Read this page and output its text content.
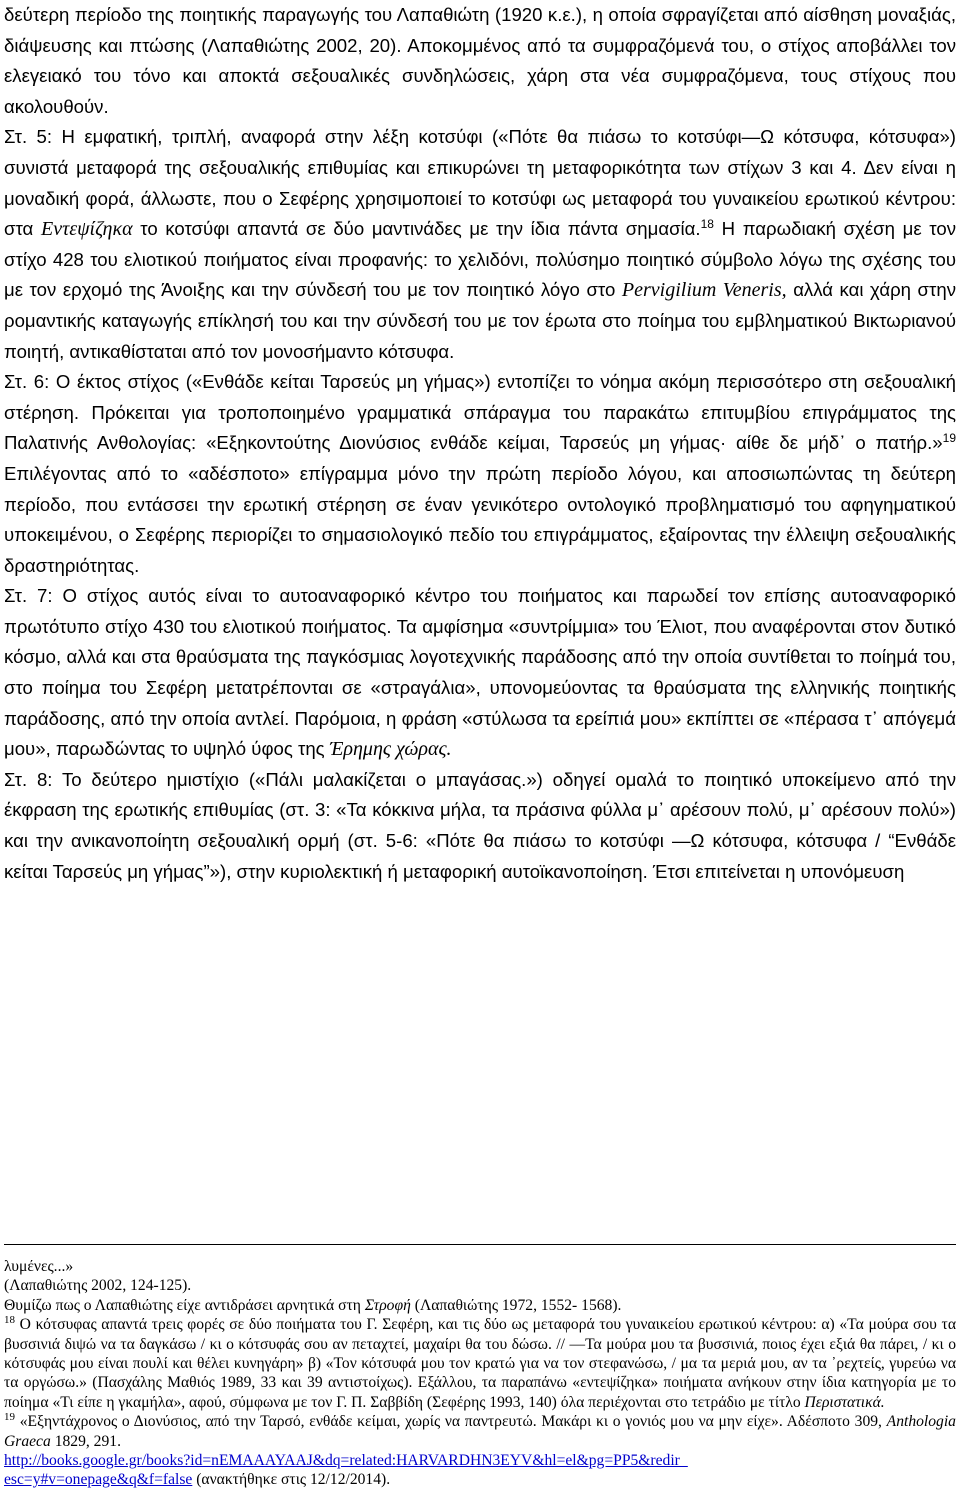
δεύτερη περίοδο της ποιητικής παραγωγής του Λαπαθιώτη (1920 κ.ε.), η οποία σφραγίζεται από αίσθηση μοναξιάς, διάψευσης και πτώσης (Λαπαθιώτης 2002, 20). Αποκομμένος από τα συμφραζόμενά του, ο στίχος αποβάλλει τον ελεγειακό του τόνο και αποκτά σεξουαλικές συνδηλώσεις, χάρη στα νέα συμφραζόμενα, τους στίχους που ακολουθούν.

Στ. 5: Η εμφατική, τριπλή, αναφορά στην λέξη κοτσύφι («Πότε θα πιάσω το κοτσύφι—Ω κότσυφα, κότσυφα») συνιστά μεταφορά της σεξουαλικής επιθυμίας και επικυρώνει τη μεταφορικότητα των στίχων 3 και 4. Δεν είναι η μοναδική φορά, άλλωστε, που ο Σεφέρης χρησιμοποιεί το κοτσύφι ως μεταφορά του γυναικείου ερωτικού κέντρου: στα Εντεψίζηκα το κοτσύφι απαντά σε δύο μαντινάδες με την ίδια πάντα σημασία.$^{18}$ Η παρωδιακή σχέση με τον στίχο 428 του ελιοτικού ποιήματος είναι προφανής: το χελιδόνι, πολύσημο ποιητικό σύμβολο λόγω της σχέσης του με τον ερχομό της Άνοιξης και την σύνδεσή του με τον ποιητικό λόγο στο Pervigilium Veneris, αλλά και χάρη στην ρομαντικής καταγωγής επίκλησή του και την σύνδεσή του με τον έρωτα στο ποίημα του εμβληματικού Βικτωριανού ποιητή, αντικαθίσταται από τον μονοσήμαντο κότσυφα.

Στ. 6: Ο έκτος στίχος («Ενθάδε κείται Ταρσεύς μη γήμας») εντοπίζει το νόημα ακόμη περισσότερο στη σεξουαλική στέρηση. Πρόκειται για τροποποιημένο γραμματικά σπάραγμα του παρακάτω επιτυμβίου επιγράμματος της Παλατινής Ανθολογίας: «Εξηκοντούτης Διονύσιος ενθάδε κείμαι, Ταρσεύς μη γήμας· αίθε δε μήδ᾽ ο πατήρ.»$^{19}$ Επιλέγοντας από το «αδέσποτο» επίγραμμα μόνο την πρώτη περίοδο λόγου, και αποσιωπώντας τη δεύτερη περίοδο, που εντάσσει την ερωτική στέρηση σε έναν γενικότερο οντολογικό προβληματισμό του αφηγηματικού υποκειμένου, ο Σεφέρης περιορίζει το σημασιολογικό πεδίο του επιγράμματος, εξαίροντας την έλλειψη σεξουαλικής δραστηριότητας.

Στ. 7: Ο στίχος αυτός είναι το αυτοαναφορικό κέντρο του ποιήματος και παρωδεί τον επίσης αυτοαναφορικό πρωτότυπο στίχο 430 του ελιοτικού ποιήματος. Τα αμφίσημα «συντρίμμια» του Έλιοτ, που αναφέρονται στον δυτικό κόσμο, αλλά και στα θραύσματα της παγκόσμιας λογοτεχνικής παράδοσης από την οποία συντίθεται το ποίημά του, στο ποίημα του Σεφέρη μετατρέπονται σε «στραγάλια», υπονομεύοντας τα θραύσματα της ελληνικής ποιητικής παράδοσης, από την οποία αντλεί. Παρόμοια, η φράση «στύλωσα τα ερείπιά μου» εκπίπτει σε «πέρασα τ᾽ απόγεμά μου», παρωδώντας το υψηλό ύφος της Έρημης χώρας.

Στ. 8: Το δεύτερο ημιστίχιο («Πάλι μαλακίζεται ο μπαγάσας.») οδηγεί ομαλά το ποιητικό υποκείμενο από την έκφραση της ερωτικής επιθυμίας (στ. 3: «Τα κόκκινα μήλα, τα πράσινα φύλλα μ᾽ αρέσουν πολύ, μ᾽ αρέσουν πολύ») και την ανικανοποίητη σεξουαλική ορμή (στ. 5-6: «Πότε θα πιάσω το κοτσύφι —Ω κότσυφα, κότσυφα / “Ενθάδε κείται Ταρσεύς μη γήμας”»), στην κυριολεκτική ή μεταφορική αυτοϊκανοποίηση. Έτσι επιτείνεται η υπονόμευση

λυμένες...»

(Λαπαθιώτης 2002, 124-125).

Θυμίζω πως ο Λαπαθιώτης είχε αντιδράσει αρνητικά στη Στροφή (Λαπαθιώτης 1972, 1552- 1568).

$^{18}$ Ο κότσυφας απαντά τρεις φορές σε δύο ποιήματα του Γ. Σεφέρη, και τις δύο ως μεταφορά του γυναικείου ερωτικού κέντρου: α) «Τα μούρα σου τα βυσσινιά διψώ να τα δαγκάσω / κι ο κότσυφάς σου αν πεταχτεί, μαχαίρι θα του δώσω. // —Τα μούρα μου τα βυσσινιά, ποιος έχει εξιά θα πάρει, / κι ο κότσυφάς μου είναι πουλί και θέλει κυνηγάρη» β) «Τον κότσυφά μου τον κρατώ για να τον στεφανώσω, / μα τα μεριά μου, αν τα ᾽ρεχτείς, γυρεύω να τα οργώσω.» (Πασχάλης Μαθιός 1989, 33 και 39 αντιστοίχως). Εξάλλου, τα παραπάνω «εντεψίζηκα» ποιήματα ανήκουν στην ίδια κατηγορία με το ποίημα «Τι είπε η γκαμήλα», αφού, σύμφωνα με τον Γ. Π. Σαββίδη (Σεφέρης 1993, 140) όλα περιέχονται στο τετράδιο με τίτλο Περιστατικά.

$^{19}$ «Εξηντάχρονος ο Διονύσιος, από την Ταρσό, ενθάδε κείμαι, χωρίς να παντρευτώ. Μακάρι κι ο γονιός μου να μην είχε». Αδέσποτο 309, Anthologia Graeca 1829, 291.
http://books.google.gr/books?id=nEMAAAYAAJ&dq=related:HARVARDHN3EYV&hl=el&pg=PP5&redir_
esc=y#v=onepage&q&f=false (ανακτήθηκε στις 12/12/2014).
